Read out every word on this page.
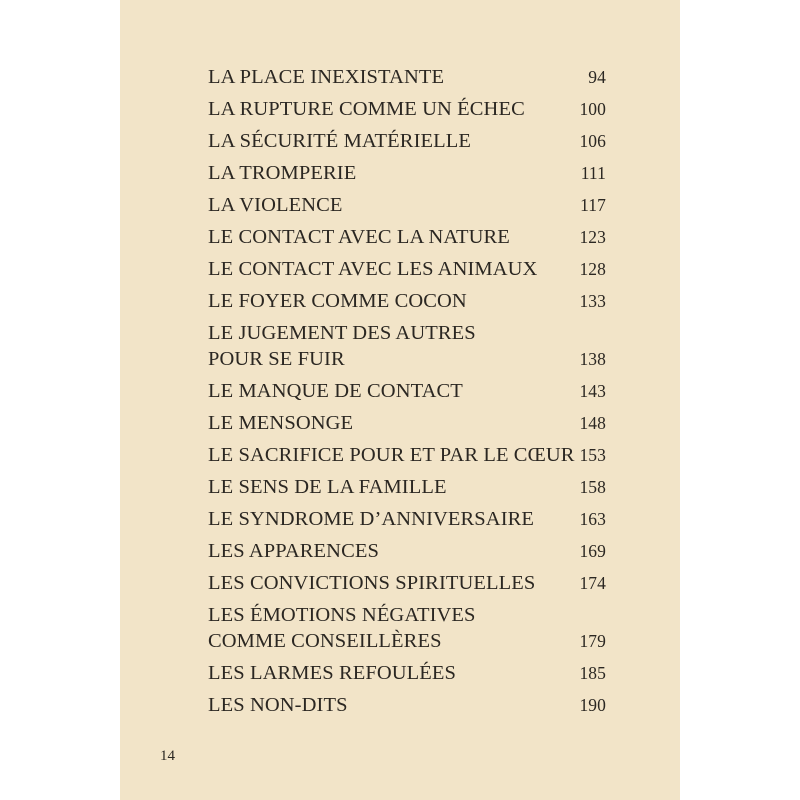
LA PLACE INEXISTANTE	94
LA RUPTURE COMME UN ÉCHEC	100
LA SÉCURITÉ MATÉRIELLE	106
LA TROMPERIE	111
LA VIOLENCE	117
LE CONTACT AVEC LA NATURE	123
LE CONTACT AVEC LES ANIMAUX 128
LE FOYER COMME COCON	133
LE JUGEMENT DES AUTRES
POUR SE FUIR	138
LE MANQUE DE CONTACT	143
LE MENSONGE	148
LE SACRIFICE POUR ET PAR LE CŒUR 153
LE SENS DE LA FAMILLE	158
LE SYNDROME D’ANNIVERSAIRE	163
LES APPARENCES	169
LES CONVICTIONS SPIRITUELLES	174
LES ÉMOTIONS NÉGATIVES
COMME CONSEILLÈRES	179
LES LARMES REFOULÉES	185
LES NON-DITS	190
14
